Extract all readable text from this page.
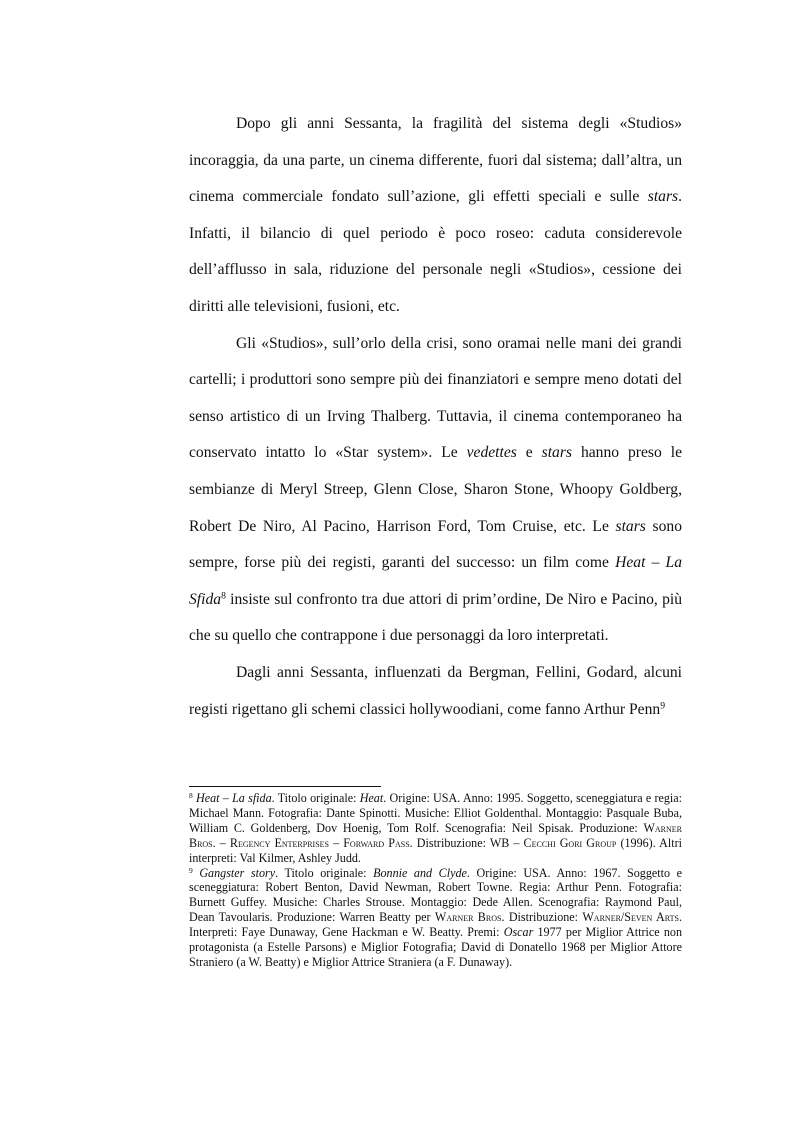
Dopo gli anni Sessanta, la fragilità del sistema degli «Studios» incoraggia, da una parte, un cinema differente, fuori dal sistema; dall’altra, un cinema commerciale fondato sull’azione, gli effetti speciali e sulle stars. Infatti, il bilancio di quel periodo è poco roseo: caduta considerevole dell’afflusso in sala, riduzione del personale negli «Studios», cessione dei diritti alle televisioni, fusioni, etc.

Gli «Studios», sull’orlo della crisi, sono oramai nelle mani dei grandi cartelli; i produttori sono sempre più dei finanziatori e sempre meno dotati del senso artistico di un Irving Thalberg. Tuttavia, il cinema contemporaneo ha conservato intatto lo «Star system». Le vedettes e stars hanno preso le sembianze di Meryl Streep, Glenn Close, Sharon Stone, Whoopy Goldberg, Robert De Niro, Al Pacino, Harrison Ford, Tom Cruise, etc. Le stars sono sempre, forse più dei registi, garanti del successo: un film come Heat – La Sfida$^8$ insiste sul confronto tra due attori di prim’ordine, De Niro e Pacino, più che su quello che contrappone i due personaggi da loro interpretati.

Dagli anni Sessanta, influenzati da Bergman, Fellini, Godard, alcuni registi rigettano gli schemi classici hollywoodiani, come fanno Arthur Penn$^9$

$^8$ Heat – La sfida. Titolo originale: Heat. Origine: USA. Anno: 1995. Soggetto, sceneggiatura e regia: Michael Mann. Fotografia: Dante Spinotti. Musiche: Elliot Goldenthal. Montaggio: Pasquale Buba, William C. Goldenberg, Dov Hoenig, Tom Rolf. Scenografia: Neil Spisak. Produzione: Warner Bros. – Regency Enterprises – Forward Pass. Distribuzione: WB – Cecchi Gori Group (1996). Altri interpreti: Val Kilmer, Ashley Judd.

$^9$ Gangster story. Titolo originale: Bonnie and Clyde. Origine: USA. Anno: 1967. Soggetto e sceneggiatura: Robert Benton, David Newman, Robert Towne. Regia: Arthur Penn. Fotografia: Burnett Guffey. Musiche: Charles Strouse. Montaggio: Dede Allen. Scenografia: Raymond Paul, Dean Tavoularis. Produzione: Warren Beatty per Warner Bros. Distribuzione: Warner/Seven Arts. Interpreti: Faye Dunaway, Gene Hackman e W. Beatty. Premi: Oscar 1977 per Miglior Attrice non protagonista (a Estelle Parsons) e Miglior Fotografia; David di Donatello 1968 per Miglior Attore Straniero (a W. Beatty) e Miglior Attrice Straniera (a F. Dunaway).
